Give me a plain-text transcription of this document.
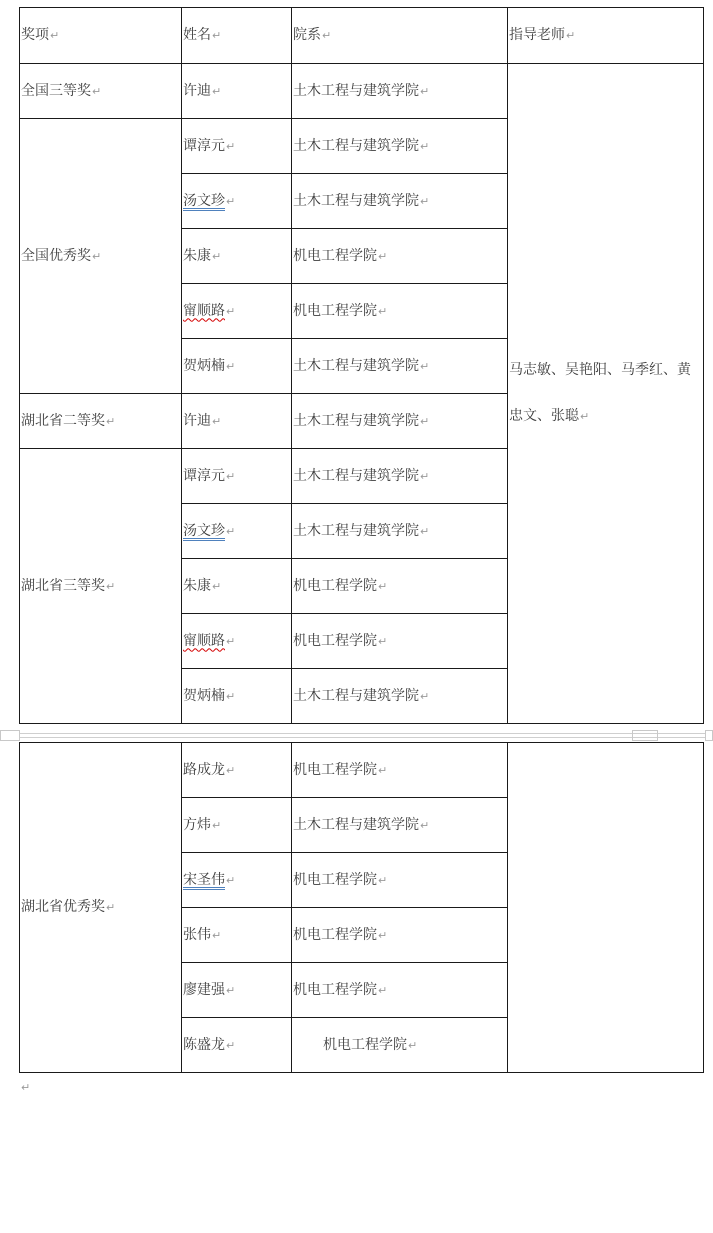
奖项↵	姓名↵	院系↵	指导老师↵
全国三等奖↵	许迪↵	土木工程与建筑学院↵	马志敏、吴艳阳、马季红、黄忠文、张聪↵
全国优秀奖↵	谭淳元↵	土木工程与建筑学院↵	
	汤文珍↵	土木工程与建筑学院↵	
	朱康↵	机电工程学院↵	
	甯顺路↵	机电工程学院↵	
	贺炳楠↵	土木工程与建筑学院↵	
湖北省二等奖↵	许迪↵	土木工程与建筑学院↵	
湖北省三等奖↵	谭淳元↵	土木工程与建筑学院↵	
	汤文珍↵	土木工程与建筑学院↵	
	朱康↵	机电工程学院↵	
	甯顺路↵	机电工程学院↵	
	贺炳楠↵	土木工程与建筑学院↵	
湖北省优秀奖↵	路成龙↵	机电工程学院↵	
	方炜↵	土木工程与建筑学院↵	
	宋圣伟↵	机电工程学院↵	
	张伟↵	机电工程学院↵	
	廖建强↵	机电工程学院↵	
	陈盛龙↵	机电工程学院↵	
↵
